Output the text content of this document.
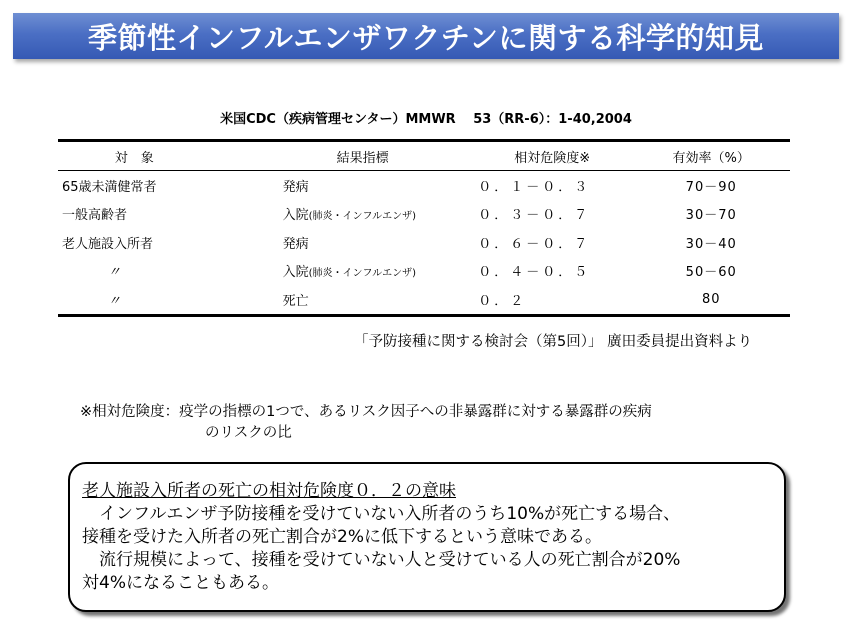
季節性インフルエンザワクチンに関する科学的知見
米国CDC（疾病管理センター）MMWR　 53（RR-6）：1-40,2004
対　象	結果指標	相対危険度※	有効率（%）
65歳未満健常者	発病	０．１－０．３	70－90
一般高齢者	入院(肺炎・インフルエンザ)	０．３－０．７	30－70
老人施設入所者	発病	０．６－０．７	30－40
〃	入院(肺炎・インフルエンザ)	０．４－０．５	50－60
〃	死亡	０．２	80
「予防接種に関する検討会（第5回）」 廣田委員提出資料より
※相対危険度： 疫学の指標の1つで、あるリスク因子への非暴露群に対する暴露群の疾病
のリスクの比

老人施設入所者の死亡の相対危険度０．２の意味

　インフルエンザ予防接種を受けていない入所者のうち10%が死亡する場合、

接種を受けた入所者の死亡割合が2%に低下するという意味である。

　流行規模によって、接種を受けていない人と受けている人の死亡割合が20%

対4%になることもある。
